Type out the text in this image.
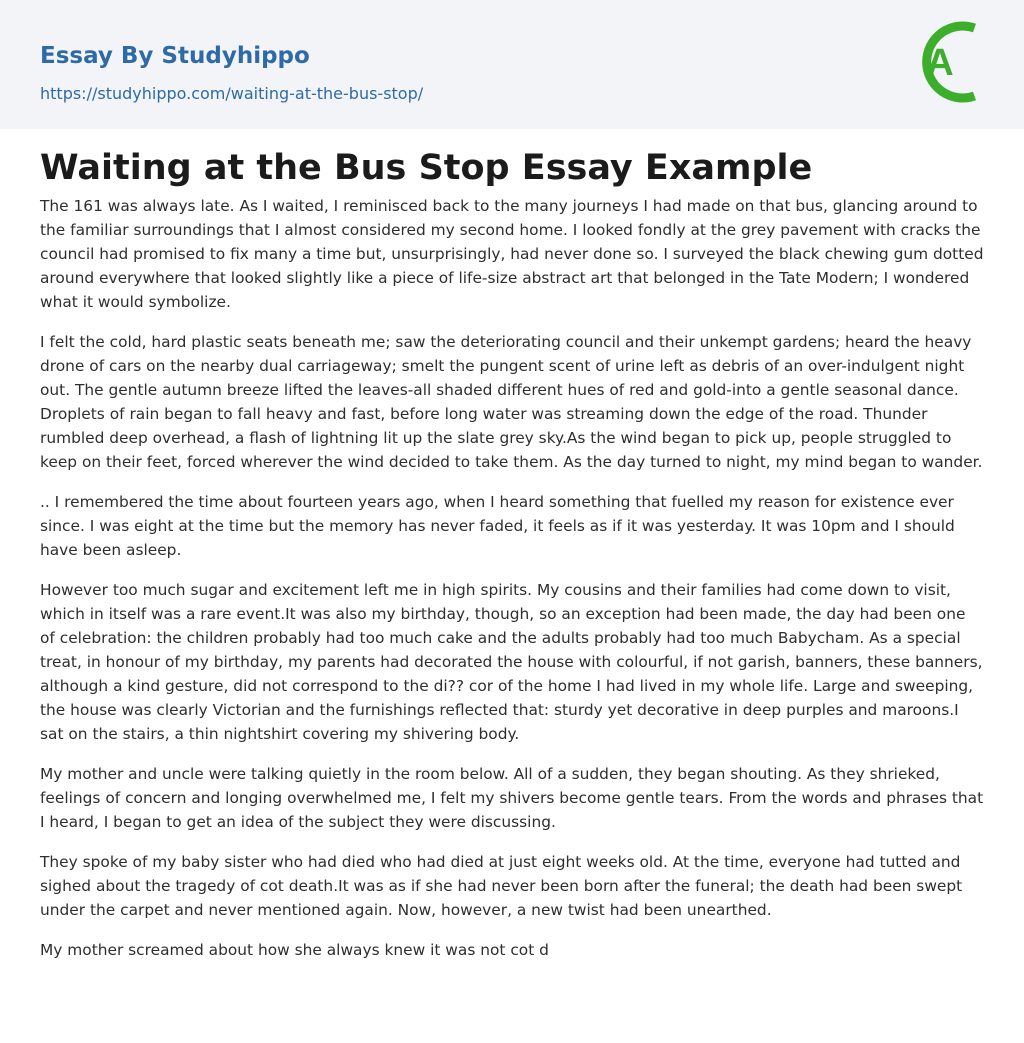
Essay By Studyhippo
https://studyhippo.com/waiting-at-the-bus-stop/
A
Waiting at the Bus Stop Essay Example

The 161 was always late. As I waited, I reminisced back to the many journeys I had made on that bus, glancing around to the familiar surroundings that I almost considered my second home. I looked fondly at the grey pavement with cracks the council had promised to fix many a time but, unsurprisingly, had never done so. I surveyed the black chewing gum dotted around everywhere that looked slightly like a piece of life-size abstract art that belonged in the Tate Modern; I wondered what it would symbolize.

I felt the cold, hard plastic seats beneath me; saw the deteriorating council and their unkempt gardens; heard the heavy drone of cars on the nearby dual carriageway; smelt the pungent scent of urine left as debris of an over-indulgent night out. The gentle autumn breeze lifted the leaves-all shaded different hues of red and gold-into a gentle seasonal dance. Droplets of rain began to fall heavy and fast, before long water was streaming down the edge of the road. Thunder rumbled deep overhead, a flash of lightning lit up the slate grey sky.As the wind began to pick up, people struggled to keep on their feet, forced wherever the wind decided to take them. As the day turned to night, my mind began to wander.

.. I remembered the time about fourteen years ago, when I heard something that fuelled my reason for existence ever since. I was eight at the time but the memory has never faded, it feels as if it was yesterday. It was 10pm and I should have been asleep.

However too much sugar and excitement left me in high spirits. My cousins and their families had come down to visit, which in itself was a rare event.It was also my birthday, though, so an exception had been made, the day had been one of celebration: the children probably had too much cake and the adults probably had too much Babycham. As a special treat, in honour of my birthday, my parents had decorated the house with colourful, if not garish, banners, these banners, although a kind gesture, did not correspond to the di?? cor of the home I had lived in my whole life. Large and sweeping, the house was clearly Victorian and the furnishings reflected that: sturdy yet decorative in deep purples and maroons.I sat on the stairs, a thin nightshirt covering my shivering body.

My mother and uncle were talking quietly in the room below. All of a sudden, they began shouting. As they shrieked, feelings of concern and longing overwhelmed me, I felt my shivers become gentle tears. From the words and phrases that I heard, I began to get an idea of the subject they were discussing.

They spoke of my baby sister who had died who had died at just eight weeks old. At the time, everyone had tutted and sighed about the tragedy of cot death.It was as if she had never been born after the funeral; the death had been swept under the carpet and never mentioned again. Now, however, a new twist had been unearthed.

My mother screamed about how she always knew it was not cot d
